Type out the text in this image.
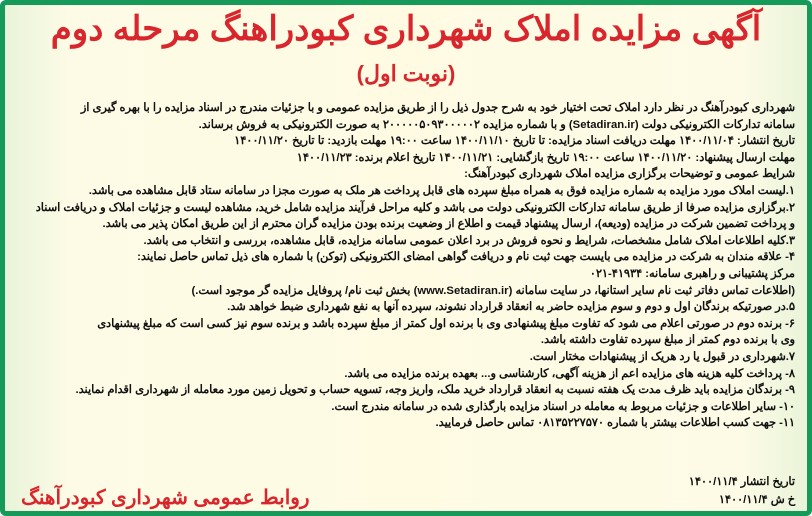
آگهی مزایده املاک شهرداری کبودراهنگ مرحله دوم
(نوبت اول)
شهرداری کبودرآهنگ در نظر دارد املاک تحت اختیار خود به شرح جدول ذیل را از طریق مزایده عمومی و با جزئیات مندرج در اسناد مزایده را با بهره گیری از
سامانه تدارکات الکترونیکی دولت (Setadiran.ir) و با شماره مزایده ۲۰۰۰۰۰۵۰۹۳۰۰۰۰۰۲ به صورت الکترونیکی به فروش برساند.
تاریخ انتشار: ۱۴۰۰/۱۱/۰۴ مهلت دریافت اسناد مزایده: تا تاریخ ۱۴۰۰/۱۱/۱۰ ساعت ۱۹:۰۰ مهلت بازدید: تا تاریخ ۱۴۰۰/۱۱/۲۰
مهلت ارسال پیشنهاد: ۱۴۰۰/۱۱/۲۰ ساعت ۱۹:۰۰ تاریخ بازگشایی: ۱۴۰۰/۱۱/۲۱ تاریخ اعلام برنده: ۱۴۰۰/۱۱/۲۳
شرایط عمومی و توضیحات برگزاری مزایده املاک شهرداری کبودرآهنگ:
۱.لیست املاک مورد مزایده به شماره مزایده فوق به همراه مبلغ سپرده های قابل پرداخت هر ملک به صورت مجزا در سامانه ستاد قابل مشاهده می باشد.
۲.برگزاری مزایده صرفا از طریق سامانه تدارکات الکترونیکی دولت می باشد و کلیه مراحل فرآیند مزایده شامل خرید، مشاهده لیست و جزئیات املاک و دریافت اسناد
و پرداخت تضمین شرکت در مزایده (ودیعه)، ارسال پیشنهاد قیمت و اطلاع از وضعیت برنده بودن مزایده گران محترم از این طریق امکان پذیر می باشد.
۳.کلیه اطلاعات املاک شامل مشخصات، شرایط و نحوه فروش در برد اعلان عمومی سامانه مزایده، قابل مشاهده، بررسی و انتخاب می باشد.
۴- علاقه مندان به شرکت در مزایده می بایست جهت ثبت نام و دریافت گواهی امضای الکترونیکی (توکن) با شماره های ذیل تماس حاصل نمایند:
مرکز پشتیبانی و راهبری سامانه: ۴۱۹۳۴-۰۲۱
(اطلاعات تماس دفاتر ثبت نام سایر استانها، در سایت سامانه (www.Setadiran.ir) بخش ثبت نام/ پروفایل مزایده گر موجود است.)
۵.در صورتیکه برندگان اول و دوم و سوم مزایده حاضر به انعقاد قرارداد نشوند، سپرده آنها به نفع شهرداری ضبط خواهد شد.
۶- برنده دوم در صورتی اعلام می شود که تفاوت مبلغ پیشنهادی وی با برنده اول کمتر از مبلغ سپرده باشد و برنده سوم نیز کسی است که مبلغ پیشنهادی
وی با برنده دوم کمتر از مبلغ سپرده تفاوت داشته باشد.
۷.شهرداری در قبول یا رد هریک از پیشنهادات مختار است.
۸- پرداخت کلیه هزینه های مزایده اعم از هزینه آگهی، کارشناسی و... بعهده برنده مزایده می باشد.
۹- برندگان مزایده باید ظرف مدت یک هفته نسبت به انعقاد قرارداد خرید ملک، واریز وجه، تسویه حساب و تحویل زمین مورد معامله از شهرداری اقدام نمایند.
۱۰- سایر اطلاعات و جزئیات مربوط به معامله در اسناد مزایده بارگذاری شده در سامانه مندرج است.
۱۱- جهت کسب اطلاعات بیشتر با شماره ۰۸۱۳۵۲۲۷۵۷۰ تماس حاصل فرمایید.
تاریخ انتشار ۱۴۰۰/۱۱/۴
خ ش ۱۴۰۰/۱۱/۴
روابط عمومی شهرداری کبودرآهنگ
